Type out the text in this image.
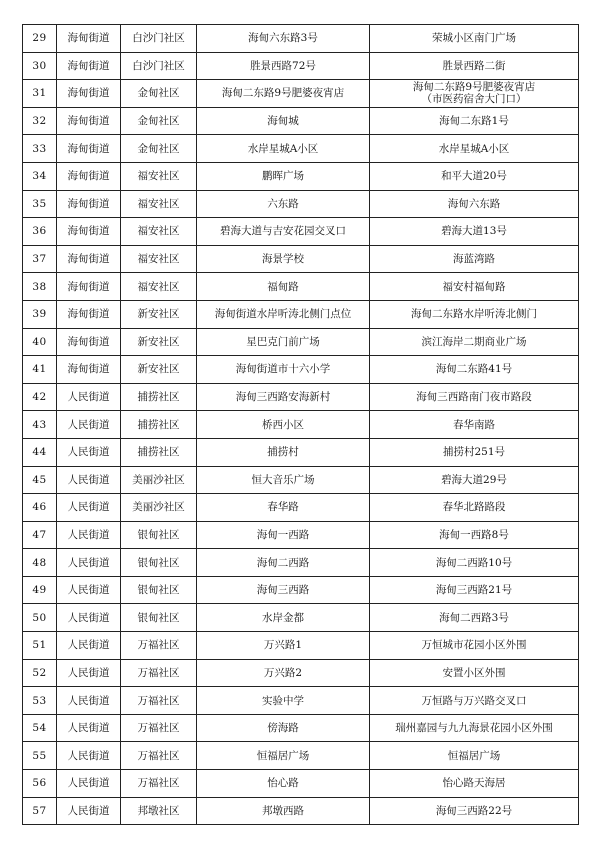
29	海甸街道	白沙门社区	海甸六东路3号	荣城小区南门广场

30	海甸街道	白沙门社区	胜景西路72号	胜景西路二街

31	海甸街道	金甸社区	海甸二东路9号肥婆夜宵店	海甸二东路9号肥婆夜宵店
（市医药宿舍大门口）

32	海甸街道	金甸社区	海甸城	海甸二东路1号

33	海甸街道	金甸社区	水岸星城A小区	水岸星城A小区

34	海甸街道	福安社区	鹏晖广场	和平大道20号

35	海甸街道	福安社区	六东路	海甸六东路

36	海甸街道	福安社区	碧海大道与吉安花园交叉口	碧海大道13号

37	海甸街道	福安社区	海景学校	海蓝湾路

38	海甸街道	福安社区	福甸路	福安村福甸路

39	海甸街道	新安社区	海甸街道水岸听涛北侧门点位	海甸二东路水岸听涛北侧门

40	海甸街道	新安社区	星巴克门前广场	滨江海岸二期商业广场

41	海甸街道	新安社区	海甸街道市十六小学	海甸二东路41号

42	人民街道	捕捞社区	海甸三西路安海新村	海甸三西路南门夜市路段

43	人民街道	捕捞社区	桥西小区	春华南路

44	人民街道	捕捞社区	捕捞村	捕捞村251号

45	人民街道	美丽沙社区	恒大音乐广场	碧海大道29号

46	人民街道	美丽沙社区	春华路	春华北路路段

47	人民街道	银甸社区	海甸一西路	海甸一西路8号

48	人民街道	银甸社区	海甸二西路	海甸二西路10号

49	人民街道	银甸社区	海甸三西路	海甸三西路21号

50	人民街道	银甸社区	水岸金都	海甸二西路3号

51	人民街道	万福社区	万兴路1	万恒城市花园小区外围

52	人民街道	万福社区	万兴路2	安置小区外围

53	人民街道	万福社区	实验中学	万恒路与万兴路交叉口

54	人民街道	万福社区	傍海路	瑞州嘉园与九九海景花园小区外围

55	人民街道	万福社区	恒福居广场	恒福居广场

56	人民街道	万福社区	怡心路	怡心路天海居

57	人民街道	邦墩社区	邦墩西路	海甸三西路22号
